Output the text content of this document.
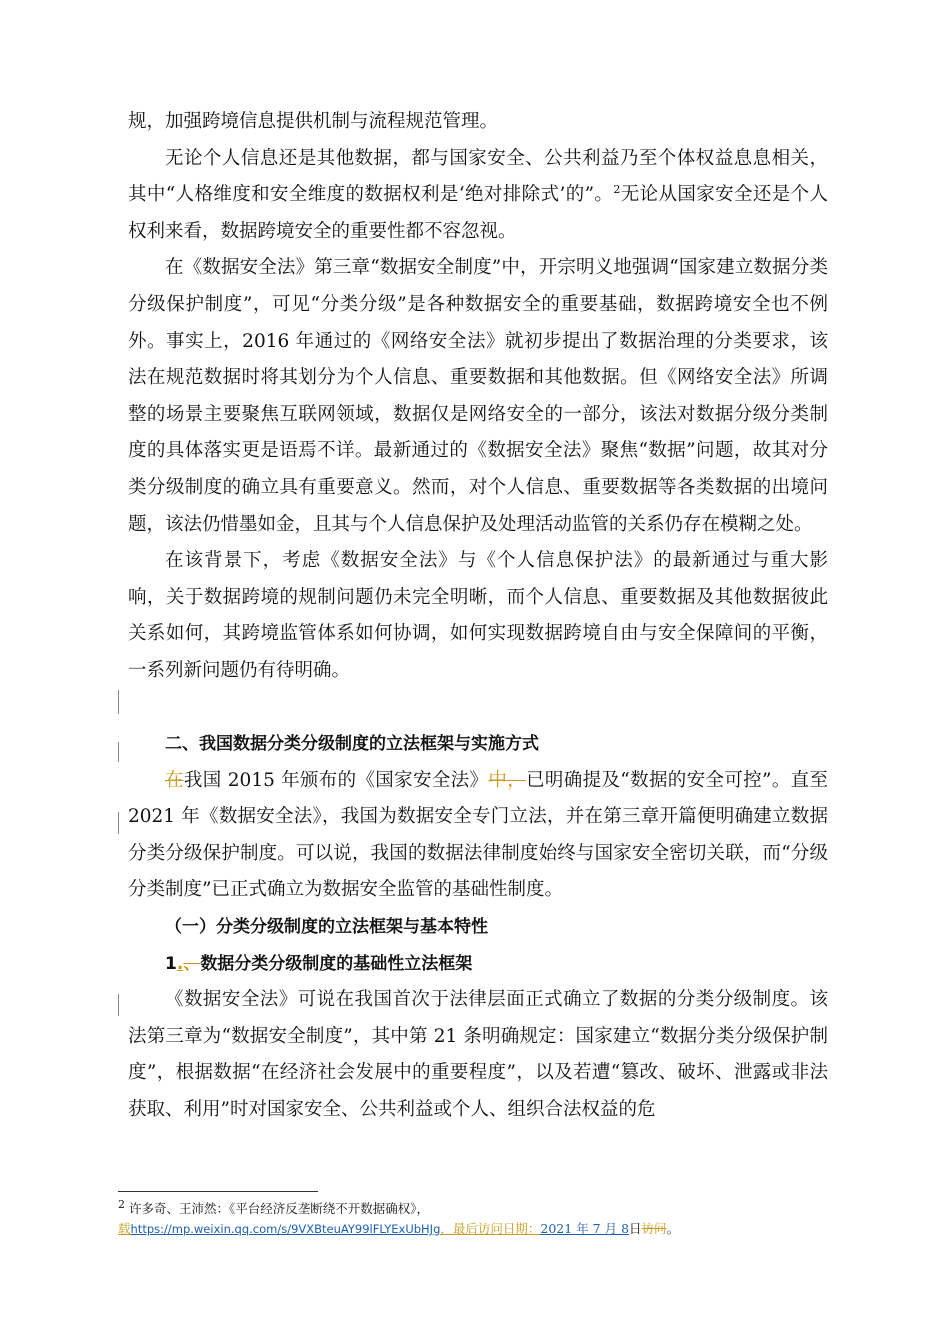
规，加强跨境信息提供机制与流程规范管理。

无论个人信息还是其他数据，都与国家安全、公共利益乃至个体权益息息相关，其中“人格维度和安全维度的数据权利是‘绝对排除式’的”。$^2$无论从国家安全还是个人权利来看，数据跨境安全的重要性都不容忽视。

在《数据安全法》第三章“数据安全制度”中，开宗明义地强调“国家建立数据分类分级保护制度”，可见“分类分级”是各种数据安全的重要基础，数据跨境安全也不例外。事实上，2016 年通过的《网络安全法》就初步提出了数据治理的分类要求，该法在规范数据时将其划分为个人信息、重要数据和其他数据。但《网络安全法》所调整的场景主要聚焦互联网领域，数据仅是网络安全的一部分，该法对数据分级分类制度的具体落实更是语焉不详。最新通过的《数据安全法》聚焦“数据”问题，故其对分类分级制度的确立具有重要意义。然而，对个人信息、重要数据等各类数据的出境问题，该法仍惜墨如金，且其与个人信息保护及处理活动监管的关系仍存在模糊之处。

在该背景下，考虑《数据安全法》与《个人信息保护法》的最新通过与重大影响，关于数据跨境的规制问题仍未完全明晰，而个人信息、重要数据及其他数据彼此关系如何，其跨境监管体系如何协调，如何实现数据跨境自由与安全保障间的平衡，一系列新问题仍有待明确。

二、我国数据分类分级制度的立法框架与实施方式

在我国 2015 年颁布的《国家安全法》中，已明确提及“数据的安全可控”。直至 2021 年《数据安全法》，我国为数据安全专门立法，并在第三章开篇便明确建立数据分类分级保护制度。可以说，我国的数据法律制度始终与国家安全密切关联，而“分级分类制度”已正式确立为数据安全监管的基础性制度。

（一）分类分级制度的立法框架与基本特性

1.、数据分类分级制度的基础性立法框架

《数据安全法》可说在我国首次于法律层面正式确立了数据的分类分级制度。该法第三章为“数据安全制度”，其中第 21 条明确规定：国家建立“数据分类分级保护制度”，根据数据“在经济社会发展中的重要程度”，以及若遭“篡改、破坏、泄露或非法获取、利用”时对国家安全、公共利益或个人、组织合法权益的危

2 许多奇、王沛然：《平台经济反垄断绕不开数据确权》，

载https://mp.weixin.qq.com/s/9VXBteuAY99lFLYExUbHJg，最后访问日期：2021 年 7 月 8日访问。
